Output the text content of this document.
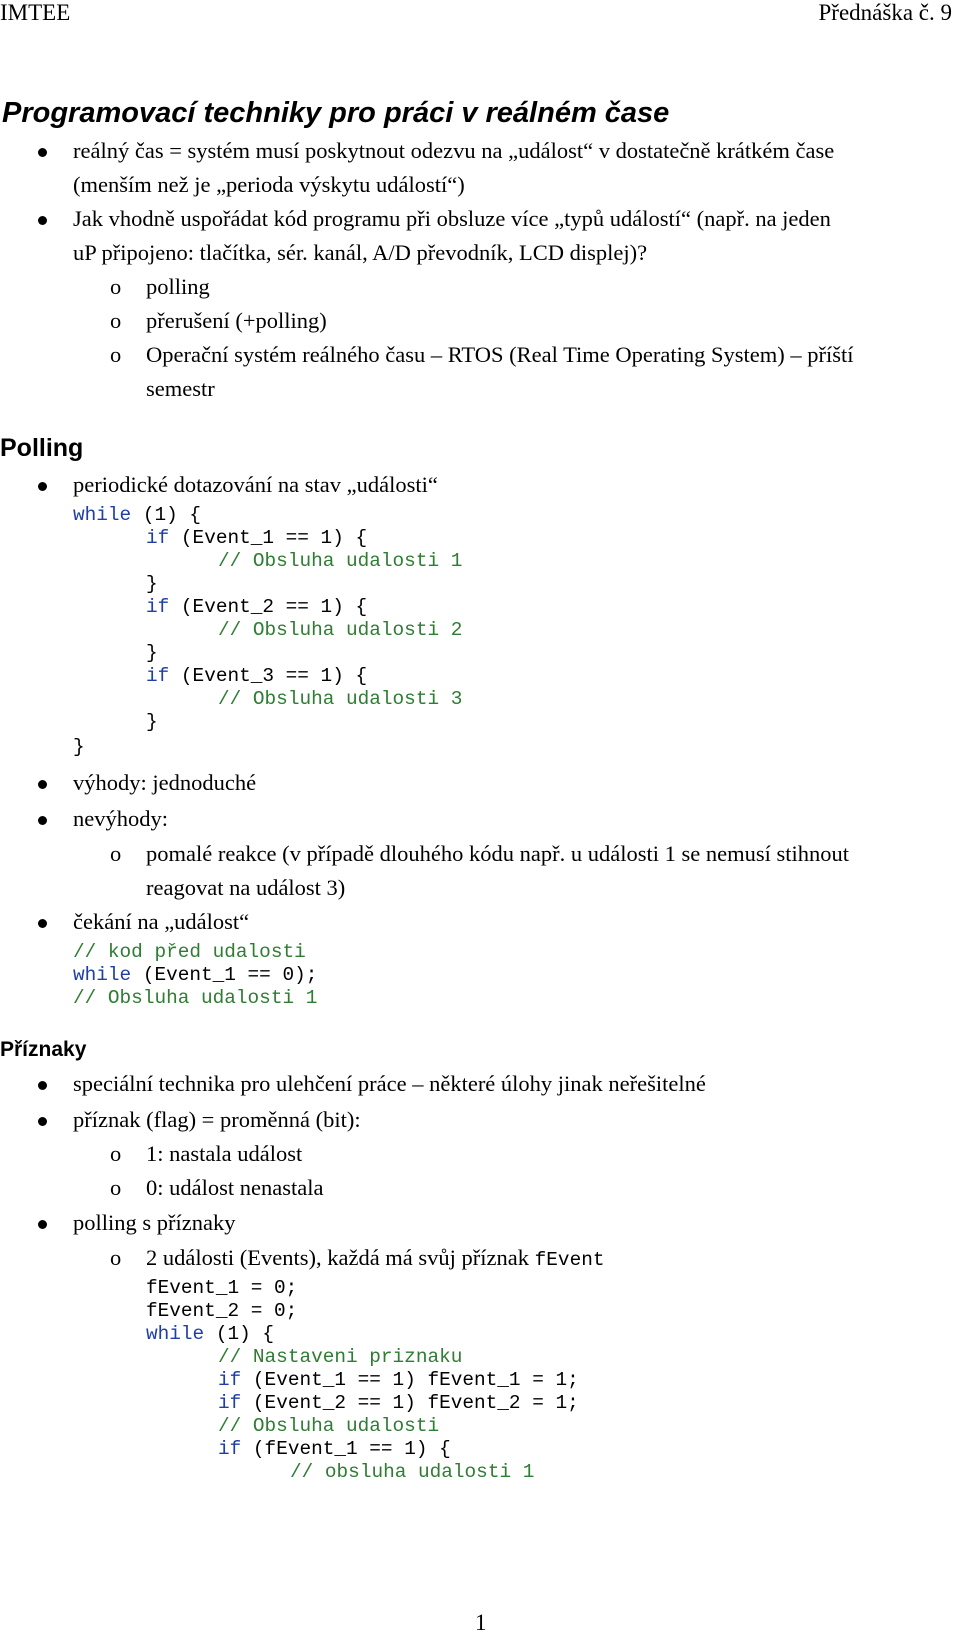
IMTEE	Přednáška č. 9
Programovací techniky pro práci v reálném čase
reálný čas = systém musí poskytnout odezvu na „událost“ v dostatečně krátkém čase
(menším než je „perioda výskytu událostí“)
Jak vhodně uspořádat kód programu při obsluze více „typů událostí“ (např. na jeden
uP připojeno: tlačítka, sér. kanál, A/D převodník, LCD displej)?
o polling
o přerušení (+polling)
o Operační systém reálného času – RTOS (Real Time Operating System) – příští
semestr
Polling
periodické dotazování na stav „události“
while (1) {
if (Event_1 == 1) {
// Obsluha udalosti 1
}
if (Event_2 == 1) {
// Obsluha udalosti 2
}
if (Event_3 == 1) {
// Obsluha udalosti 3
}
}
výhody: jednoduché
nevýhody:
o pomalé reakce (v případě dlouhého kódu např. u události 1 se nemusí stihnout
reagovat na událost 3)
čekání na „událost“
// kod před udalosti
while (Event_1 == 0);
// Obsluha udalosti 1
Příznaky
speciální technika pro ulehčení práce – některé úlohy jinak neřešitelné
příznak (flag) = proměnná (bit):
o 1: nastala událost
o 0: událost nenastala
polling s příznaky
o 2 události (Events), každá má svůj příznak fEvent
fEvent_1 = 0;
fEvent_2 = 0;
while (1) {
// Nastaveni priznaku
if (Event_1 == 1) fEvent_1 = 1;
if (Event_2 == 1) fEvent_2 = 1;
// Obsluha udalosti
if (fEvent_1 == 1) {
// obsluha udalosti 1
1
